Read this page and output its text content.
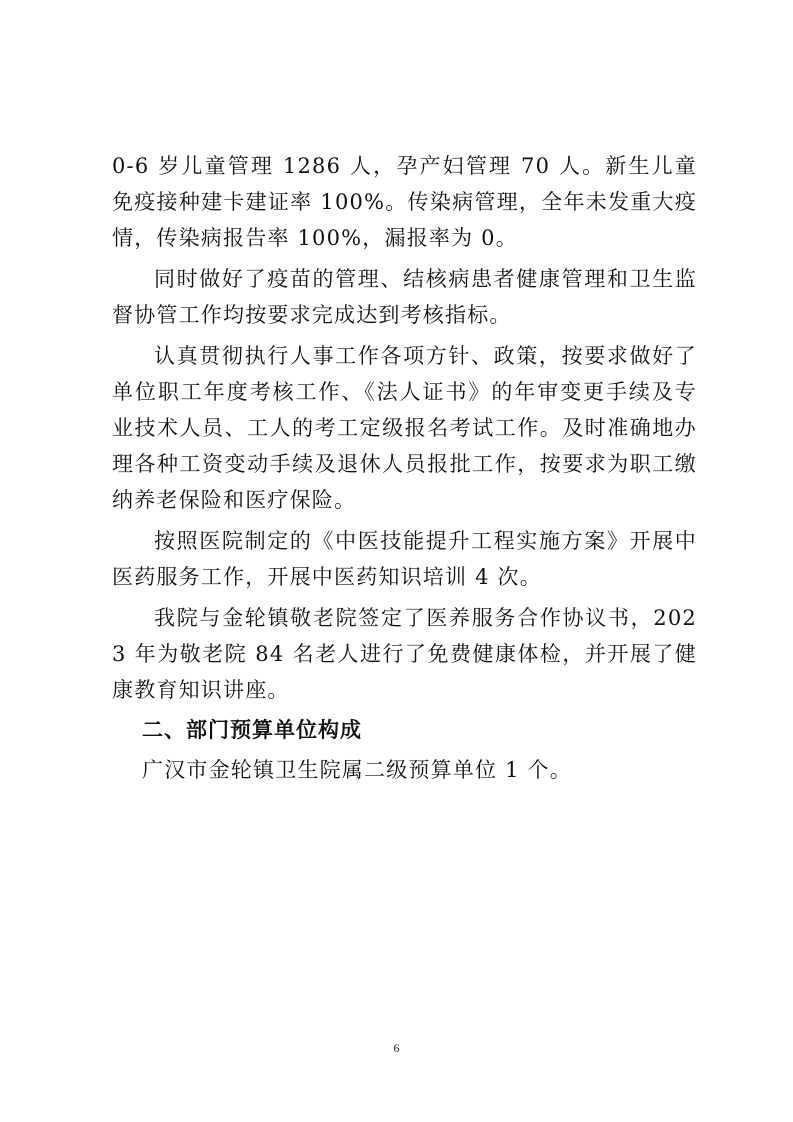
0-6 岁儿童管理 1286 人，孕产妇管理 70 人。新生儿童免疫接种建卡建证率 100%。传染病管理，全年未发重大疫情，传染病报告率 100%，漏报率为 0。

同时做好了疫苗的管理、结核病患者健康管理和卫生监督协管工作均按要求完成达到考核指标。

认真贯彻执行人事工作各项方针、政策，按要求做好了单位职工年度考核工作、《法人证书》的年审变更手续及专业技术人员、工人的考工定级报名考试工作。及时准确地办理各种工资变动手续及退休人员报批工作，按要求为职工缴纳养老保险和医疗保险。

按照医院制定的《中医技能提升工程实施方案》开展中医药服务工作，开展中医药知识培训 4 次。

我院与金轮镇敬老院签定了医养服务合作协议书，2023 年为敬老院 84 名老人进行了免费健康体检，并开展了健康教育知识讲座。

二、部门预算单位构成

广汉市金轮镇卫生院属二级预算单位 1 个。

6
